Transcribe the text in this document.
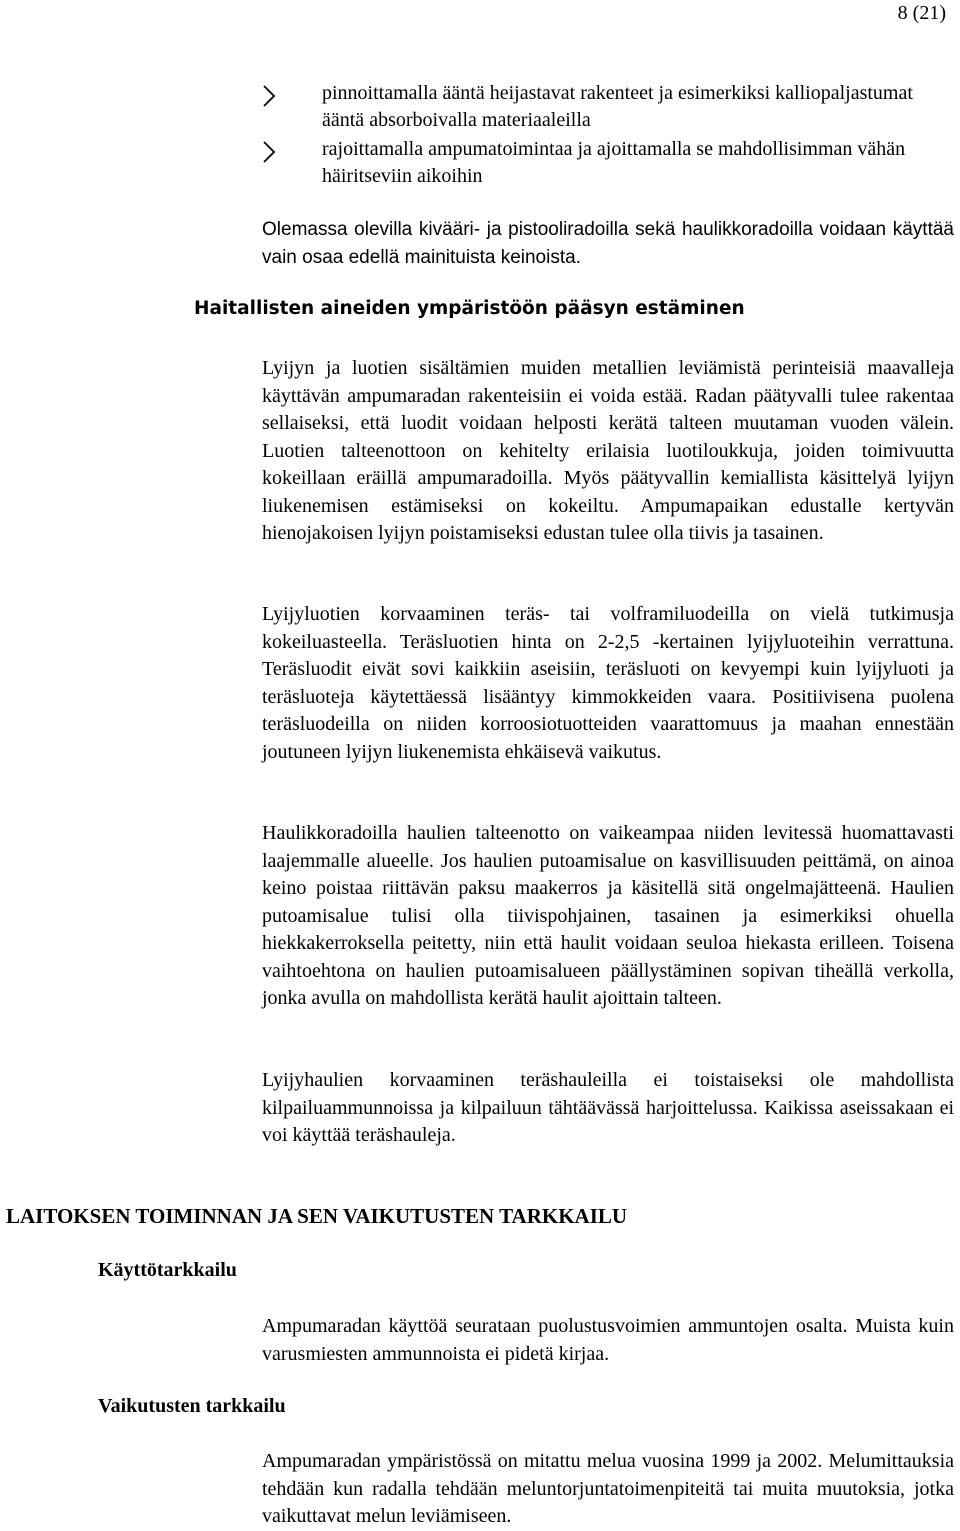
8 (21)
pinnoittamalla ääntä heijastavat rakenteet ja esimerkiksi kalliopaljastumat ääntä absorboivalla materiaaleilla
rajoittamalla ampumatoimintaa ja ajoittamalla se mahdollisimman vähän häiritseviin aikoihin

Olemassa olevilla kivääri- ja pistooliradoilla sekä haulikkoradoilla voidaan käyttää vain osaa edellä mainituista keinoista.

Haitallisten aineiden ympäristöön pääsyn estäminen

Lyijyn ja luotien sisältämien muiden metallien leviämistä perinteisiä maavalleja käyttävän ampumaradan rakenteisiin ei voida estää. Radan päätyvalli tulee rakentaa sellaiseksi, että luodit voidaan helposti kerätä talteen muutaman vuoden välein. Luotien talteenottoon on kehitelty erilaisia luotiloukkuja, joiden toimivuutta kokeillaan eräillä ampumaradoilla. Myös päätyvallin kemiallista käsittelyä lyijyn liukenemisen estämiseksi on kokeiltu. Ampumapaikan edustalle kertyvän hienojakoisen lyijyn poistamiseksi edustan tulee olla tiivis ja tasainen.

Lyijyluotien korvaaminen teräs- tai volframiluodeilla on vielä tutkimusja kokeiluasteella. Teräsluotien hinta on 2-2,5 -kertainen lyijyluoteihin verrattuna. Teräsluodit eivät sovi kaikkiin aseisiin, teräsluoti on kevyempi kuin lyijyluoti ja teräsluoteja käytettäessä lisääntyy kimmokkeiden vaara. Positiivisena puolena teräsluodeilla on niiden korroosiotuotteiden vaarattomuus ja maahan ennestään joutuneen lyijyn liukenemista ehkäisevä vaikutus.

Haulikkoradoilla haulien talteenotto on vaikeampaa niiden levitessä huomattavasti laajemmalle alueelle. Jos haulien putoamisalue on kasvillisuuden peittämä, on ainoa keino poistaa riittävän paksu maakerros ja käsitellä sitä ongelmajätteenä. Haulien putoamisalue tulisi olla tiivispohjainen, tasainen ja esimerkiksi ohuella hiekkakerroksella peitetty, niin että haulit voidaan seuloa hiekasta erilleen. Toisena vaihtoehtona on haulien putoamisalueen päällystäminen sopivan tiheällä verkolla, jonka avulla on mahdollista kerätä haulit ajoittain talteen.

Lyijyhaulien korvaaminen teräshauleilla ei toistaiseksi ole mahdollista kilpailuammunnoissa ja kilpailuun tähtäävässä harjoittelussa. Kaikissa aseissakaan ei voi käyttää teräshauleja.

LAITOKSEN TOIMINNAN JA SEN VAIKUTUSTEN TARKKAILU
Käyttötarkkailu

Ampumaradan käyttöä seurataan puolustusvoimien ammuntojen osalta. Muista kuin varusmiesten ammunnoista ei pidetä kirjaa.

Vaikutusten tarkkailu

Ampumaradan ympäristössä on mitattu melua vuosina 1999 ja 2002. Melumittauksia tehdään kun radalla tehdään meluntorjuntatoimenpiteitä tai muita muutoksia, jotka vaikuttavat melun leviämiseen.
